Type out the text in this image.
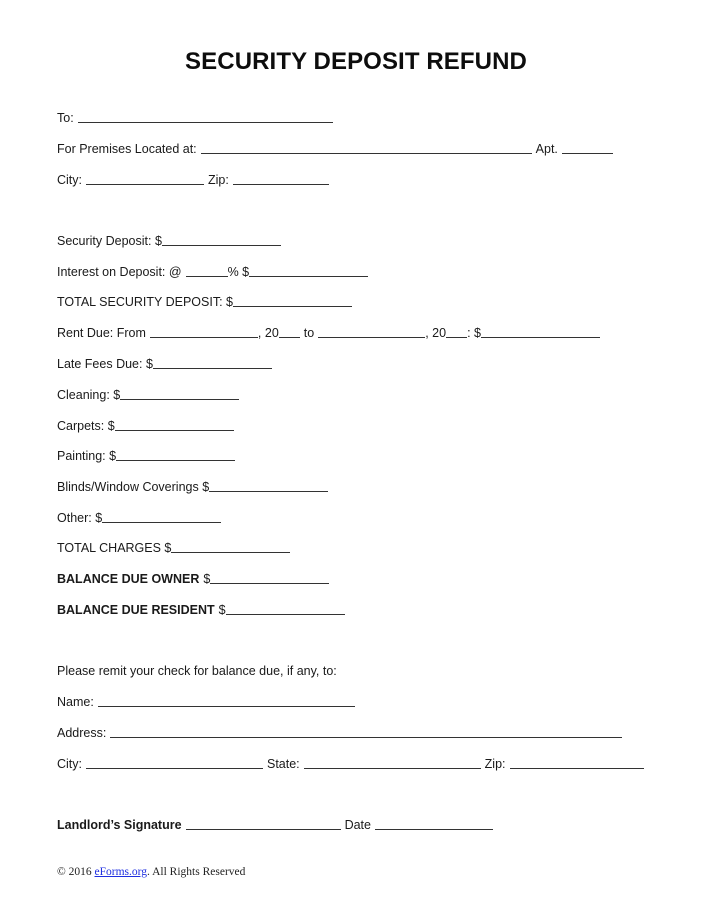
SECURITY DEPOSIT REFUND
To:
For Premises Located at:	Apt.
City:	Zip:
Security Deposit: $
Interest on Deposit: @	% $
TOTAL SECURITY DEPOSIT: $
Rent Due: From	, 20 to	, 20 : $
Late Fees Due: $
Cleaning: $
Carpets: $
Painting: $
Blinds/Window Coverings $
Other: $
TOTAL CHARGES $
BALANCE DUE OWNER $
BALANCE DUE RESIDENT $
Please remit your check for balance due, if any, to:
Name:
Address:
City:	State:	Zip:
Landlord’s Signature	Date
© 2016 eForms.org. All Rights Reserved
